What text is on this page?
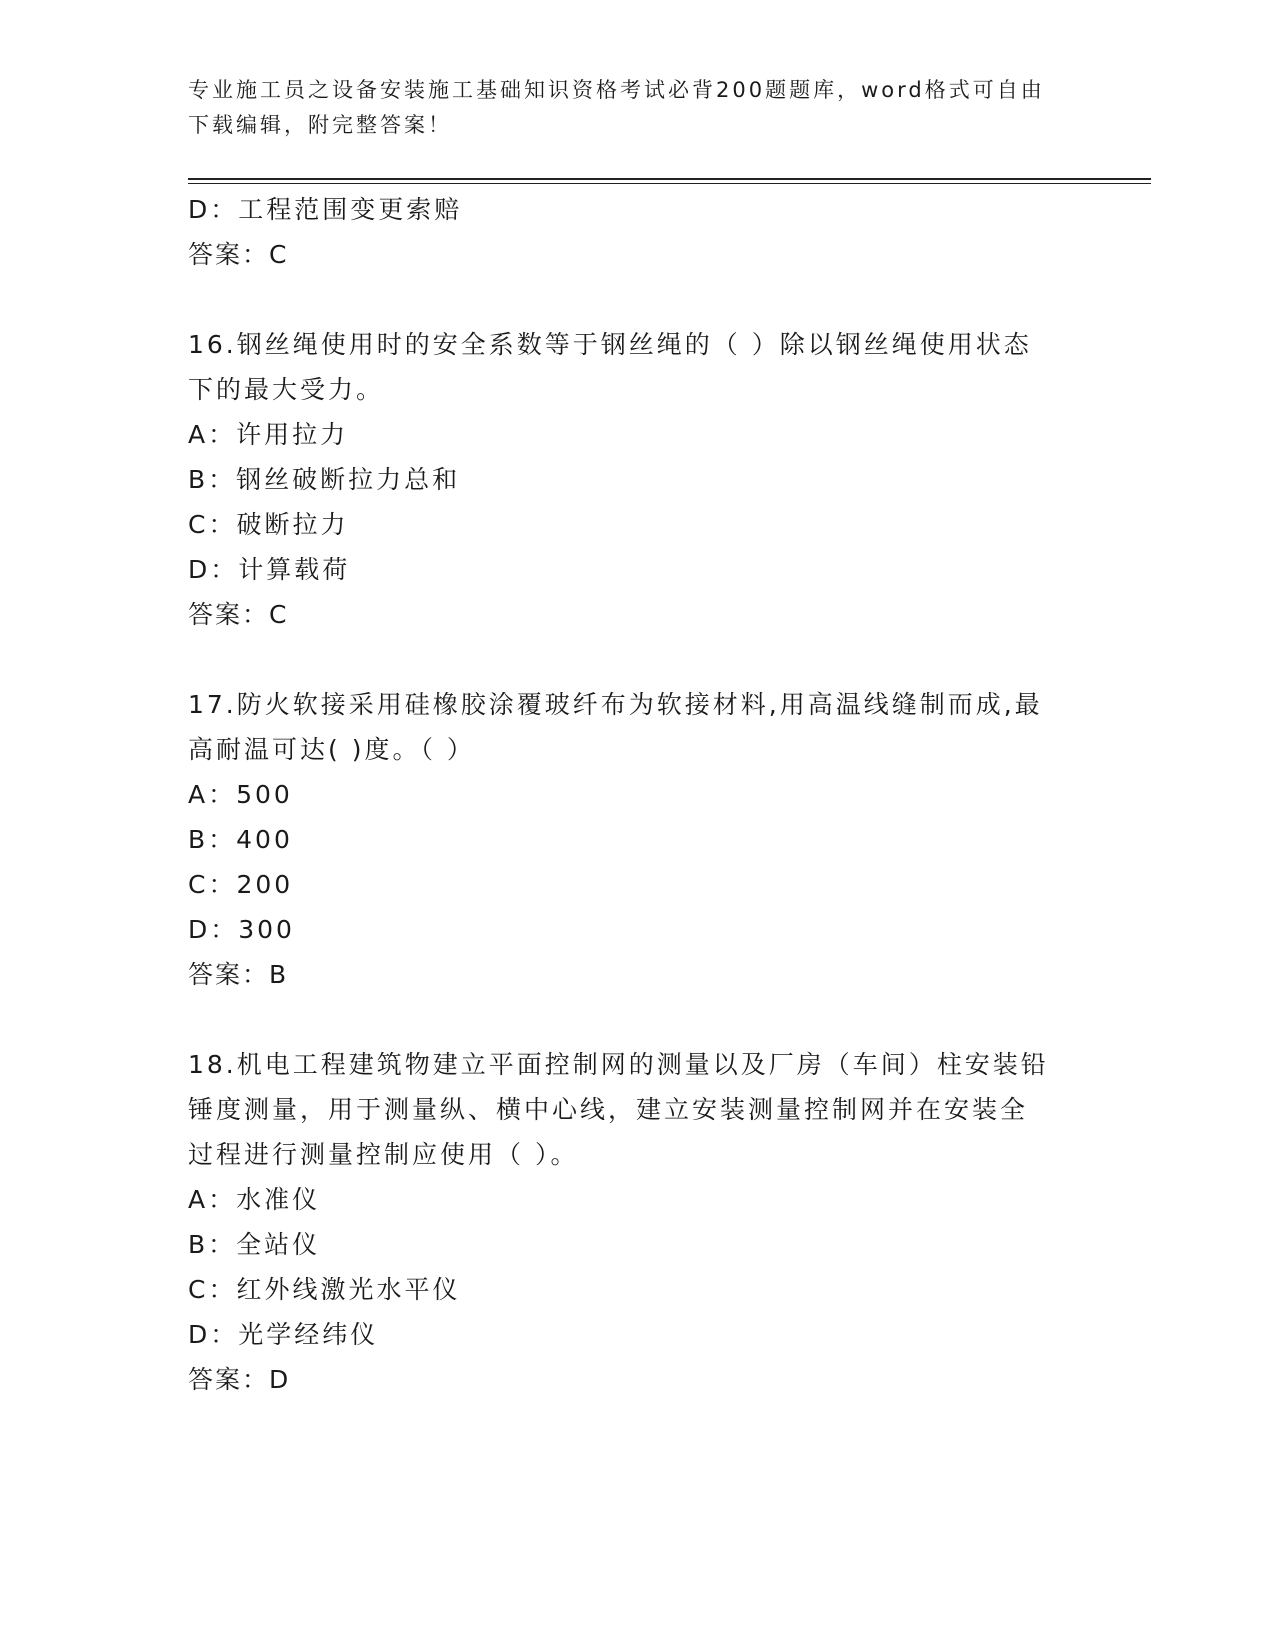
专业施工员之设备安装施工基础知识资格考试必背200题题库，word格式可自由
下载编辑，附完整答案！
D：工程范围变更索赔
答案：C
16.钢丝绳使用时的安全系数等于钢丝绳的（ ）除以钢丝绳使用状态
下的最大受力。
A：许用拉力
B：钢丝破断拉力总和
C：破断拉力
D：计算载荷
答案：C
17.防火软接采用硅橡胶涂覆玻纤布为软接材料,用高温线缝制而成,最
高耐温可达( )度。（ ）
A：500
B：400
C：200
D：300
答案：B
18.机电工程建筑物建立平面控制网的测量以及厂房（车间）柱安装铅
锤度测量，用于测量纵、横中心线，建立安装测量控制网并在安装全
过程进行测量控制应使用（ ）。
A：水准仪
B：全站仪
C：红外线激光水平仪
D：光学经纬仪
答案：D
